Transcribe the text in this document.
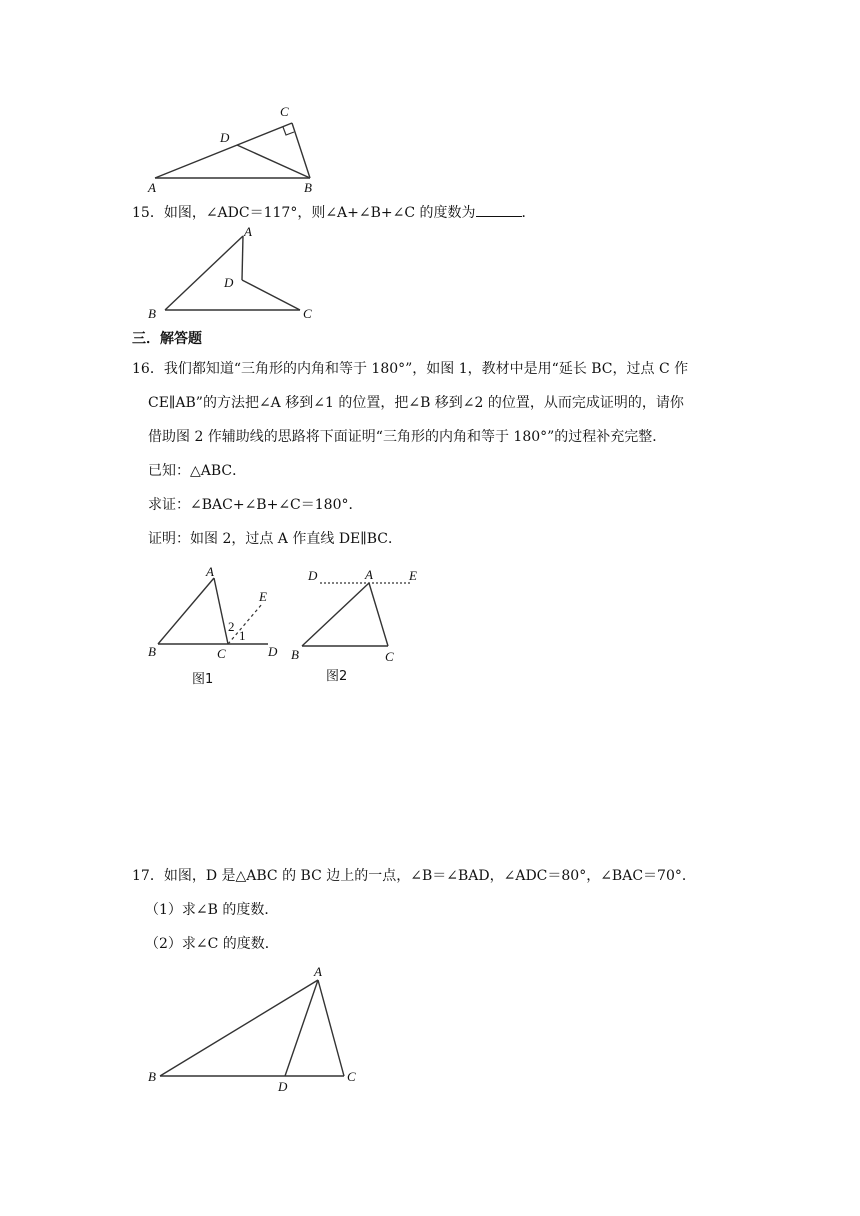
C
D
A	B
15．如图，∠ADC＝117°，则∠A+∠B+∠C 的度数为	．
A
D
B	C
三．解答题
16．我们都知道“三角形的内角和等于 180°”，如图 1，教材中是用“延长 BC，过点 C 作
CE∥AB”的方法把∠A 移到∠1 的位置，把∠B 移到∠2 的位置，从而完成证明的，请你
借助图 2 作辅助线的思路将下面证明“三角形的内角和等于 180°”的过程补充完整．
已知：△ABC．
求证：∠BAC+∠B+∠C＝180°．
证明：如图 2，过点 A 作直线 DE∥BC．
A
E
2
1
B	C	D
图1
D	A	E
B	C
图2
17．如图，D 是△ABC 的 BC 边上的一点，∠B＝∠BAD，∠ADC＝80°，∠BAC＝70°．
（1）求∠B 的度数．
（2）求∠C 的度数．
A
B
D
C
